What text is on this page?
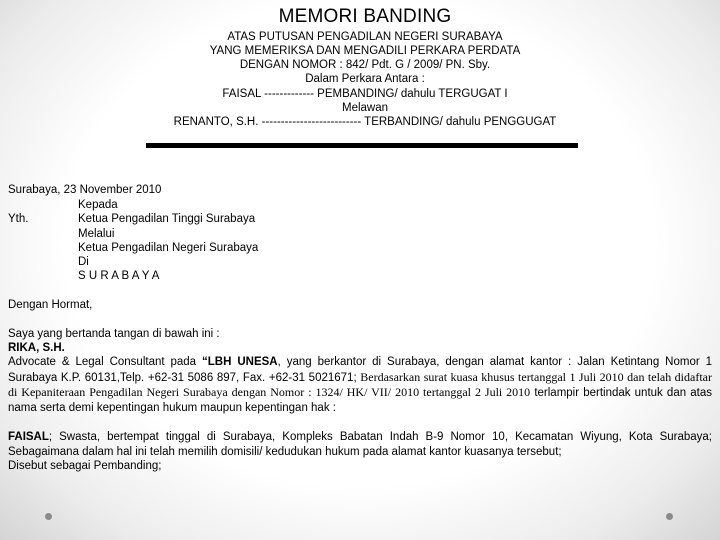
MEMORI BANDING
ATAS PUTUSAN PENGADILAN NEGERI SURABAYA
YANG MEMERIKSA DAN MENGADILI PERKARA PERDATA
DENGAN NOMOR : 842/ Pdt. G / 2009/ PN. Sby.
Dalam Perkara Antara :
FAISAL ------------- PEMBANDING/ dahulu TERGUGAT I
Melawan
RENANTO, S.H. -------------------------- TERBANDING/ dahulu PENGGUGAT
Surabaya, 23 November 2010
Kepada
Yth.	Ketua Pengadilan Tinggi Surabaya
Melalui
Ketua Pengadilan Negeri Surabaya
Di
S U R A B A Y A
Dengan Hormat,
Saya yang bertanda tangan di bawah ini :
RIKA, S.H.
Advocate & Legal Consultant pada “LBH UNESA, yang berkantor di Surabaya, dengan alamat kantor : Jalan Ketintang Nomor 1 Surabaya K.P. 60131,Telp. +62-31 5086 897, Fax. +62-31 5021671; Berdasarkan surat kuasa khusus tertanggal 1 Juli 2010 dan telah didaftar di Kepaniteraan Pengadilan Negeri Surabaya dengan Nomor : 1324/ HK/ VII/ 2010 tertanggal 2 Juli 2010 terlampir bertindak untuk dan atas nama serta demi kepentingan hukum maupun kepentingan hak :
FAISAL; Swasta, bertempat tinggal di Surabaya, Kompleks Babatan Indah B-9 Nomor 10, Kecamatan Wiyung, Kota Surabaya; Sebagaimana dalam hal ini telah memilih domisili/ kedudukan hukum pada alamat kantor kuasanya tersebut;
Disebut sebagai Pembanding;
